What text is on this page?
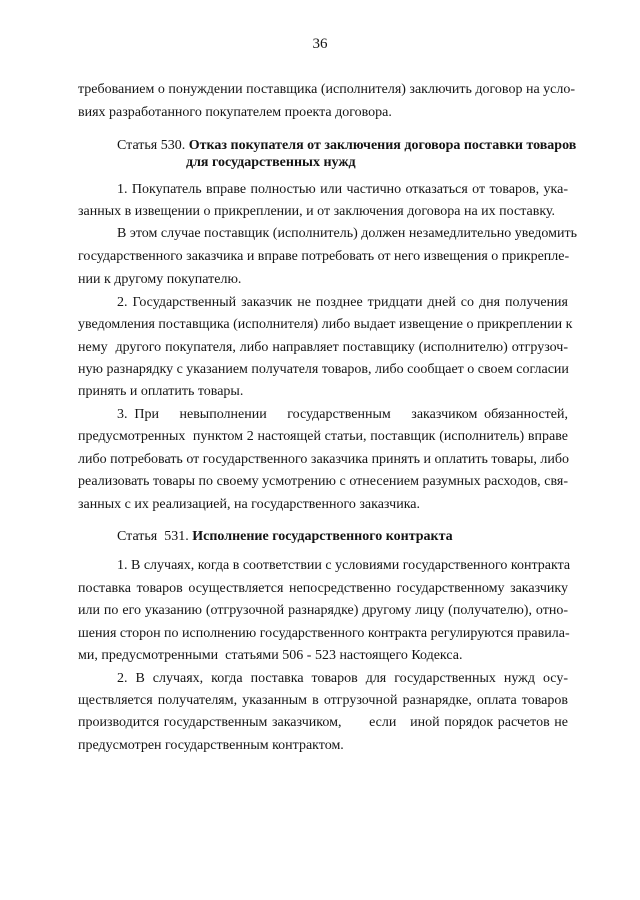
36
требованием о понуждении поставщика (исполнителя) заключить договор на усло-
виях разработанного покупателем проекта договора.
Статья 530. Отказ покупателя от заключения договора поставки товаров
для государственных нужд
1. Покупатель вправе полностью или частично отказаться от товаров, ука-
занных в извещении о прикреплении, и от заключения договора на их поставку.
В этом случае поставщик (исполнитель) должен незамедлительно уведомить
государственного заказчика и вправе потребовать от него извещения о прикрепле-
нии к другому покупателю.
2. Государственный заказчик не позднее тридцати дней со дня получения
уведомления поставщика (исполнителя) либо выдает извещение о прикреплении к
нему  другого покупателя, либо направляет поставщику (исполнителю) отгрузоч-
ную разнарядку с указанием получателя товаров, либо сообщает о своем согласии
принять и оплатить товары.
3. При   невыполнении   государственным   заказчиком обязанностей,
предусмотренных  пунктом 2 настоящей статьи, поставщик (исполнитель) вправе
либо потребовать от государственного заказчика принять и оплатить товары, либо
реализовать товары по своему усмотрению с отнесением разумных расходов, свя-
занных с их реализацией, на государственного заказчика.
Статья  531. Исполнение государственного контракта
1. В случаях, когда в соответствии с условиями государственного контракта
поставка товаров осуществляется непосредственно государственному заказчику
или по его указанию (отгрузочной разнарядке) другому лицу (получателю), отно-
шения сторон по исполнению государственного контракта регулируются правила-
ми, предусмотренными  статьями 506 - 523 настоящего Кодекса.
2. В случаях, когда поставка товаров для государственных нужд осу-
ществляется получателям, указанным в отгрузочной разнарядке, оплата товаров
производится государственным заказчиком,      если   иной порядок расчетов не
предусмотрен государственным контрактом.
